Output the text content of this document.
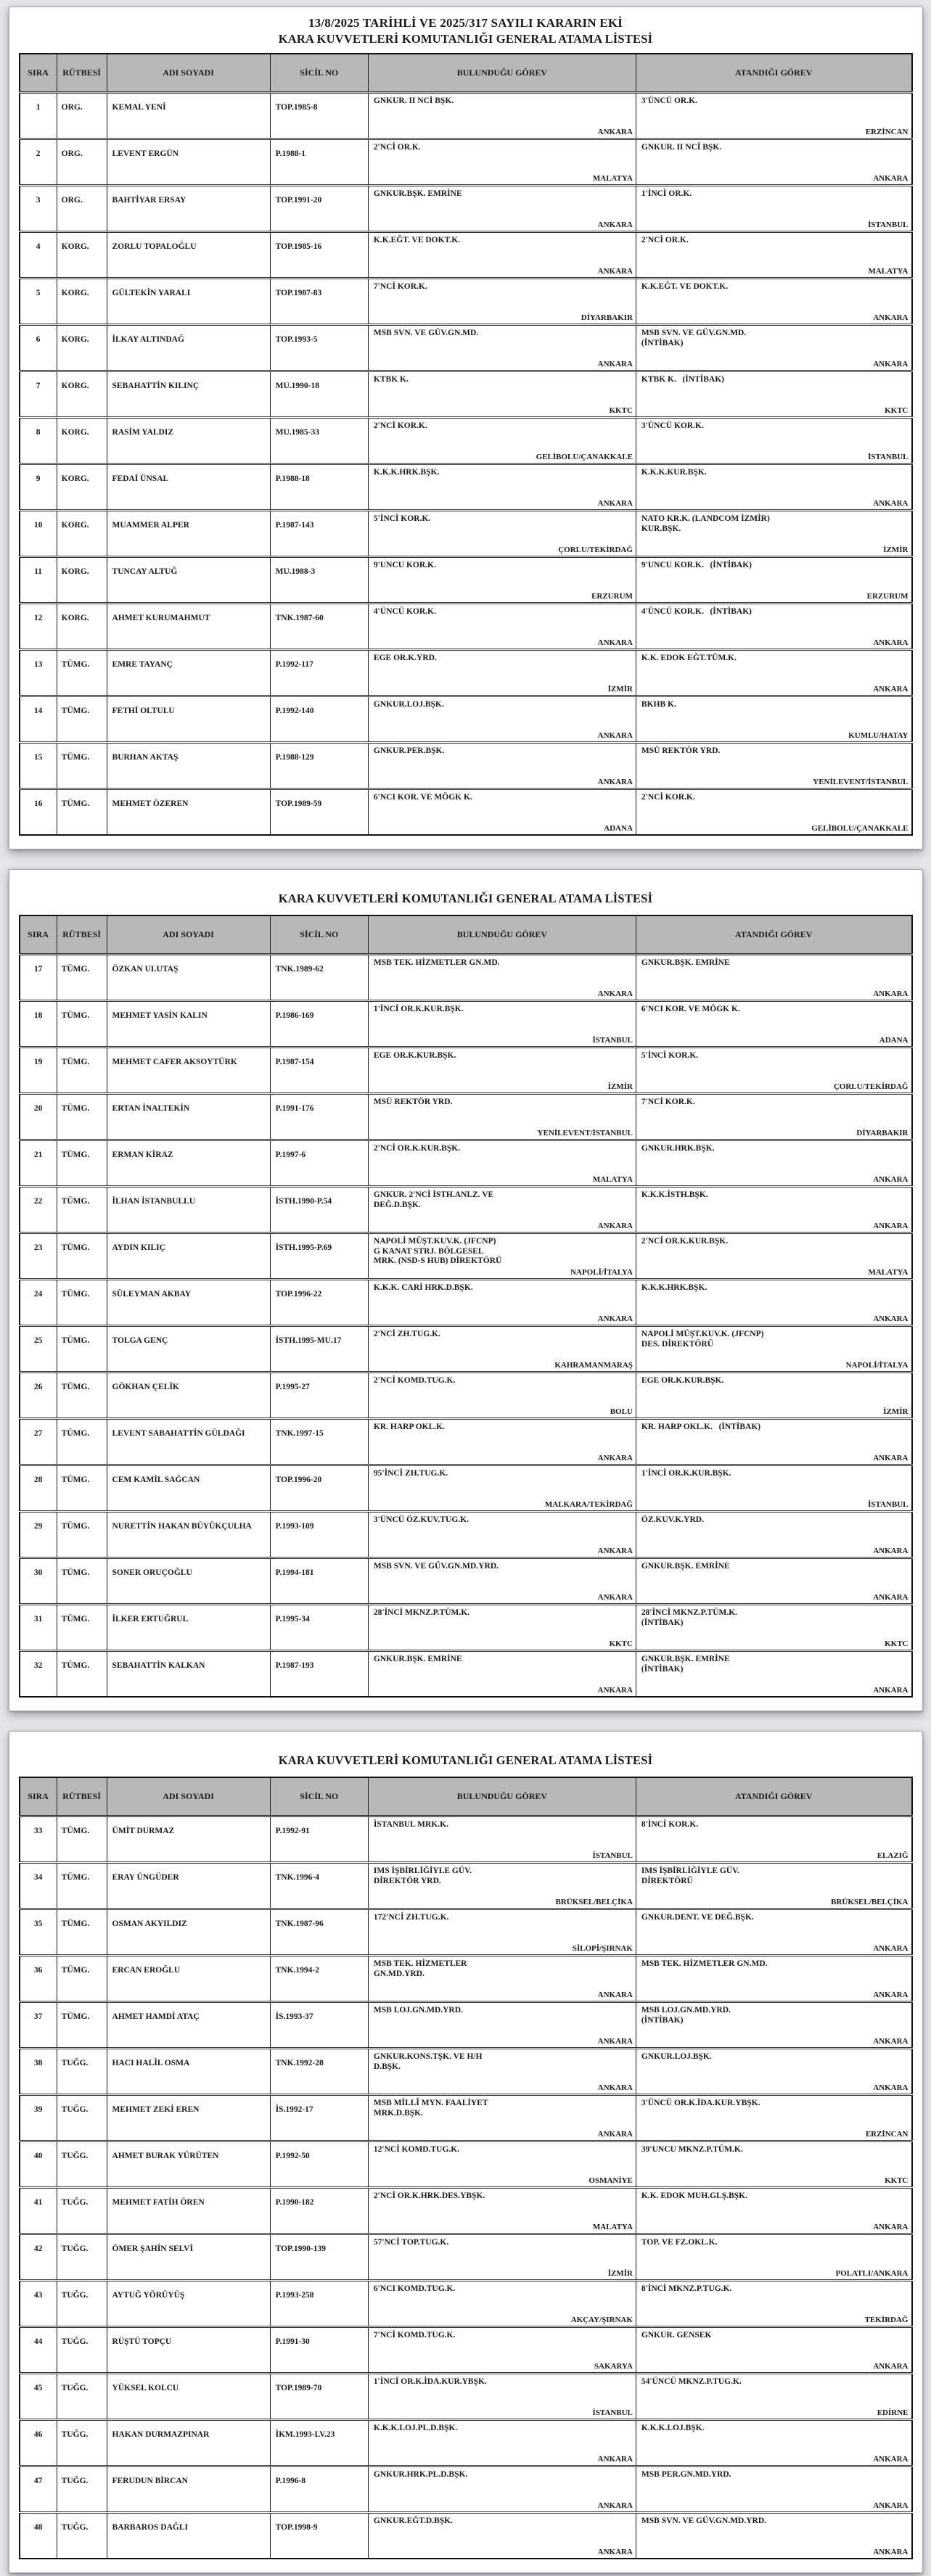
13/8/2025 TARİHLİ VE 2025/317 SAYILI KARARIN EKİ
KARA KUVVETLERİ KOMUTANLIĞI GENERAL ATAMA LİSTESİ
SIRA	RÜTBESİ	ADI SOYADI	SİCİL NO	BULUNDUĞU GÖREV	ATANDIĞI GÖREV
1	ORG.	KEMAL YENİ	TOP.1985-8	
GNKUR. II NCİ BŞK.
ANKARA

3'ÜNCÜ OR.K.
ERZİNCAN

2	ORG.	LEVENT ERGÜN	P.1988-1	
2'NCİ OR.K.
MALATYA

GNKUR. II NCİ BŞK.
ANKARA

3	ORG.	BAHTİYAR ERSAY	TOP.1991-20	
GNKUR.BŞK. EMRİNE
ANKARA

1'İNCİ OR.K.
İSTANBUL

4	KORG.	ZORLU TOPALOĞLU	TOP.1985-16	
K.K.EĞT. VE DOKT.K.
ANKARA

2'NCİ OR.K.
MALATYA

5	KORG.	GÜLTEKİN YARALI	TOP.1987-83	
7'NCİ KOR.K.
DİYARBAKIR

K.K.EĞT. VE DOKT.K.
ANKARA

6	KORG.	İLKAY ALTINDAĞ	TOP.1993-5	
MSB SVN. VE GÜV.GN.MD.
ANKARA

MSB SVN. VE GÜV.GN.MD.
(İNTİBAK)
ANKARA

7	KORG.	SEBAHATTİN KILINÇ	MU.1990-18	
KTBK K.
KKTC

KTBK K.   (İNTİBAK)
KKTC

8	KORG.	RASİM YALDIZ	MU.1985-33	
2'NCİ KOR.K.
GELİBOLU/ÇANAKKALE

3'ÜNCÜ KOR.K.
İSTANBUL

9	KORG.	FEDAİ ÜNSAL	P.1988-18	
K.K.K.HRK.BŞK.
ANKARA

K.K.K.KUR.BŞK.
ANKARA

10	KORG.	MUAMMER ALPER	P.1987-143	
5'İNCİ KOR.K.
ÇORLU/TEKİRDAĞ

NATO KR.K. (LANDCOM İZMİR)
KUR.BŞK.
İZMİR

11	KORG.	TUNCAY ALTUĞ	MU.1988-3	
9'UNCU KOR.K.
ERZURUM

9'UNCU KOR.K.   (İNTİBAK)
ERZURUM

12	KORG.	AHMET KURUMAHMUT	TNK.1987-60	
4'ÜNCÜ KOR.K.
ANKARA

4'ÜNCÜ KOR.K.   (İNTİBAK)
ANKARA

13	TÜMG.	EMRE TAYANÇ	P.1992-117	
EGE OR.K.YRD.
İZMİR

K.K. EDOK EĞT.TÜM.K.
ANKARA

14	TÜMG.	FETHİ OLTULU	P.1992-140	
GNKUR.LOJ.BŞK.
ANKARA

BKHB K.
KUMLU/HATAY

15	TÜMG.	BURHAN AKTAŞ	P.1988-129	
GNKUR.PER.BŞK.
ANKARA

MSÜ REKTÖR YRD.
YENİLEVENT/İSTANBUL

16	TÜMG.	MEHMET ÖZEREN	TOP.1989-59	
6'NCI KOR. VE MÖGK K.
ADANA

2'NCİ KOR.K.
GELİBOLU/ÇANAKKALE
KARA KUVVETLERİ KOMUTANLIĞI GENERAL ATAMA LİSTESİ
SIRA	RÜTBESİ	ADI SOYADI	SİCİL NO	BULUNDUĞU GÖREV	ATANDIĞI GÖREV
17	TÜMG.	ÖZKAN ULUTAŞ	TNK.1989-62	
MSB TEK. HİZMETLER GN.MD.
ANKARA

GNKUR.BŞK. EMRİNE
ANKARA

18	TÜMG.	MEHMET YASİN KALIN	P.1986-169	
1'İNCİ OR.K.KUR.BŞK.
İSTANBUL

6'NCI KOR. VE MÖGK K.
ADANA

19	TÜMG.	MEHMET CAFER AKSOYTÜRK	P.1987-154	
EGE OR.K.KUR.BŞK.
İZMİR

5'İNCİ KOR.K.
ÇORLU/TEKİRDAĞ

20	TÜMG.	ERTAN İNALTEKİN	P.1991-176	
MSÜ REKTÖR YRD.
YENİLEVENT/İSTANBUL

7'NCİ KOR.K.
DİYARBAKIR

21	TÜMG.	ERMAN KİRAZ	P.1997-6	
2'NCİ OR.K.KUR.BŞK.
MALATYA

GNKUR.HRK.BŞK.
ANKARA

22	TÜMG.	İLHAN İSTANBULLU	İSTH.1990-P.54	
GNKUR. 2'NCİ İSTH.ANLZ. VE
DEĞ.D.BŞK.
ANKARA

K.K.K.İSTH.BŞK.
ANKARA

23	TÜMG.	AYDIN KILIÇ	İSTH.1995-P.69	
NAPOLİ MÜŞT.KUV.K. (JFCNP)
G KANAT STRJ. BÖLGESEL
MRK. (NSD-S HUB) DİREKTÖRÜ
NAPOLİ/İTALYA

2'NCİ OR.K.KUR.BŞK.
MALATYA

24	TÜMG.	SÜLEYMAN AKBAY	TOP.1996-22	
K.K.K. CARİ HRK.D.BŞK.
ANKARA

K.K.K.HRK.BŞK.
ANKARA

25	TÜMG.	TOLGA GENÇ	İSTH.1995-MU.17	
2'NCİ ZH.TUG.K.
KAHRAMANMARAŞ

NAPOLİ MÜŞT.KUV.K. (JFCNP)
DES. DİREKTÖRÜ
NAPOLİ/İTALYA

26	TÜMG.	GÖKHAN ÇELİK	P.1995-27	
2'NCİ KOMD.TUG.K.
BOLU

EGE OR.K.KUR.BŞK.
İZMİR

27	TÜMG.	LEVENT SABAHATTİN GÜLDAĞI	TNK.1997-15	
KR. HARP OKL.K.
ANKARA

KR. HARP OKL.K.   (İNTİBAK)
ANKARA

28	TÜMG.	CEM KAMİL SAĞCAN	TOP.1996-20	
95'İNCİ ZH.TUG.K.
MALKARA/TEKİRDAĞ

1'İNCİ OR.K.KUR.BŞK.
İSTANBUL

29	TÜMG.	NURETTİN HAKAN BÜYÜKÇULHA	P.1993-109	
3'ÜNCÜ ÖZ.KUV.TUG.K.
ANKARA

ÖZ.KUV.K.YRD.
ANKARA

30	TÜMG.	SONER ORUÇOĞLU	P.1994-181	
MSB SVN. VE GÜV.GN.MD.YRD.
ANKARA

GNKUR.BŞK. EMRİNE
ANKARA

31	TÜMG.	İLKER ERTUĞRUL	P.1995-34	
28'İNCİ MKNZ.P.TÜM.K.
KKTC

28'İNCİ MKNZ.P.TÜM.K.
(İNTİBAK)
KKTC

32	TÜMG.	SEBAHATTİN KALKAN	P.1987-193	
GNKUR.BŞK. EMRİNE
ANKARA

GNKUR.BŞK. EMRİNE
(İNTİBAK)
ANKARA
KARA KUVVETLERİ KOMUTANLIĞI GENERAL ATAMA LİSTESİ
SIRA	RÜTBESİ	ADI SOYADI	SİCİL NO	BULUNDUĞU GÖREV	ATANDIĞI GÖREV
33	TÜMG.	ÜMİT DURMAZ	P.1992-91	
İSTANBUL MRK.K.
İSTANBUL

8'İNCİ KOR.K.
ELAZIĞ

34	TÜMG.	ERAY ÜNGÜDER	TNK.1996-4	
IMS İŞBİRLİĞİYLE GÜV.
DİREKTÖR YRD.
BRÜKSEL/BELÇİKA

IMS İŞBİRLİĞİYLE GÜV.
DİREKTÖRÜ
BRÜKSEL/BELÇİKA

35	TÜMG.	OSMAN AKYILDIZ	TNK.1987-96	
172'NCİ ZH.TUG.K.
SİLOPİ/ŞIRNAK

GNKUR.DENT. VE DEĞ.BŞK.
ANKARA

36	TÜMG.	ERCAN EROĞLU	TNK.1994-2	
MSB TEK. HİZMETLER
GN.MD.YRD.
ANKARA

MSB TEK. HİZMETLER GN.MD.
ANKARA

37	TÜMG.	AHMET HAMDİ ATAÇ	İS.1993-37	
MSB LOJ.GN.MD.YRD.
ANKARA

MSB LOJ.GN.MD.YRD.
(İNTİBAK)
ANKARA

38	TUĞG.	HACI HALİL OSMA	TNK.1992-28	
GNKUR.KONS.TŞK. VE H/H
D.BŞK.
ANKARA

GNKUR.LOJ.BŞK.
ANKARA

39	TUĞG.	MEHMET ZEKİ EREN	İS.1992-17	
MSB MİLLÎ MYN. FAALİYET
MRK.D.BŞK.
ANKARA

3'ÜNCÜ OR.K.İDA.KUR.YBŞK.
ERZİNCAN

40	TUĞG.	AHMET BURAK YÜRÜTEN	P.1992-50	
12'NCİ KOMD.TUG.K.
OSMANİYE

39'UNCU MKNZ.P.TÜM.K.
KKTC

41	TUĞG.	MEHMET FATİH ÖREN	P.1990-182	
2'NCİ OR.K.HRK.DES.YBŞK.
MALATYA

K.K. EDOK MUH.GLŞ.BŞK.
ANKARA

42	TUĞG.	ÖMER ŞAHİN SELVİ	TOP.1990-139	
57'NCİ TOP.TUG.K.
İZMİR

TOP. VE FZ.OKL.K.
POLATLI/ANKARA

43	TUĞG.	AYTUĞ YÖRÜYÜŞ	P.1993-258	
6'NCI KOMD.TUG.K.
AKÇAY/ŞIRNAK

8'İNCİ MKNZ.P.TUG.K.
TEKİRDAĞ

44	TUĞG.	RÜŞTÜ TOPÇU	P.1991-30	
7'NCİ KOMD.TUG.K.
SAKARYA

GNKUR. GENSEK
ANKARA

45	TUĞG.	YÜKSEL KOLCU	TOP.1989-70	
1'İNCİ OR.K.İDA.KUR.YBŞK.
İSTANBUL

54'ÜNCÜ MKNZ.P.TUG.K.
EDİRNE

46	TUĞG.	HAKAN DURMAZPINAR	İKM.1993-LV.23	
K.K.K.LOJ.PL.D.BŞK.
ANKARA

K.K.K.LOJ.BŞK.
ANKARA

47	TUĞG.	FERUDUN BİRCAN	P.1996-8	
GNKUR.HRK.PL.D.BŞK.
ANKARA

MSB PER.GN.MD.YRD.
ANKARA

48	TUĞG.	BARBAROS DAĞLI	TOP.1998-9	
GNKUR.EĞT.D.BŞK.
ANKARA

MSB SVN. VE GÜV.GN.MD.YRD.
ANKARA
